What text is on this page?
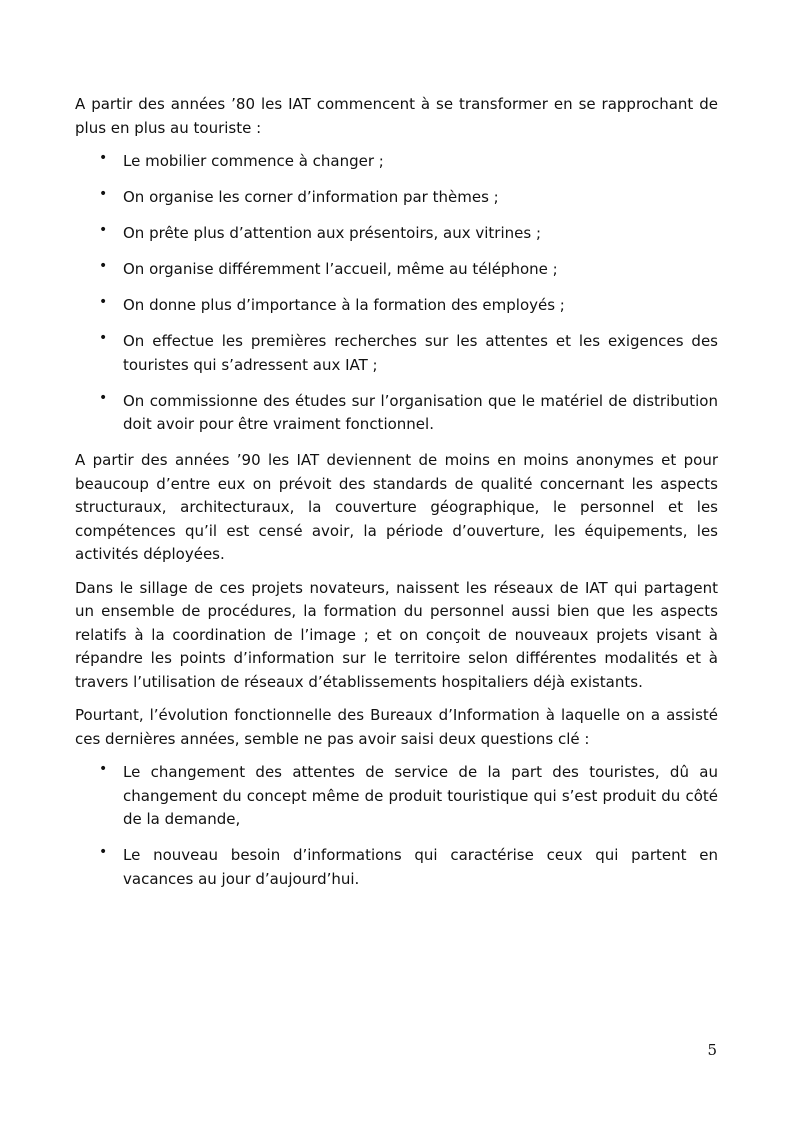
A partir des années ’80 les IAT commencent à se transformer en se rapprochant de plus en plus au touriste :

• Le mobilier commence à changer ;
• On organise les corner d’information par thèmes ;
• On prête plus d’attention aux présentoirs, aux vitrines ;
• On organise différemment l’accueil, même au téléphone ;
• On donne plus d’importance à la formation des employés ;
• On effectue les premières recherches sur les attentes et les exigences des touristes qui s’adressent aux IAT ;
• On commissionne des études sur l’organisation que le matériel de distribution doit avoir pour être vraiment fonctionnel.

A partir des années ’90 les IAT deviennent de moins en moins anonymes et pour beaucoup d’entre eux on prévoit des standards de qualité concernant les aspects structuraux, architecturaux, la couverture géographique, le personnel et les compétences qu’il est censé avoir, la période d’ouverture, les équipements, les activités déployées.

Dans le sillage de ces projets novateurs, naissent les réseaux de IAT qui partagent un ensemble de procédures, la formation du personnel aussi bien que les aspects relatifs à la coordination de l’image ; et on conçoit de nouveaux projets visant à répandre les points d’information sur le territoire selon différentes modalités et à travers l’utilisation de réseaux d’établissements hospitaliers déjà existants.

Pourtant, l’évolution fonctionnelle des Bureaux d’Information à laquelle on a assisté ces dernières années, semble ne pas avoir saisi deux questions clé :

• Le changement des attentes de service de la part des touristes, dû au changement du concept même de produit touristique qui s’est produit du côté de la demande,
• Le nouveau besoin d’informations qui caractérise ceux qui partent en vacances au jour d’aujourd’hui.
5
